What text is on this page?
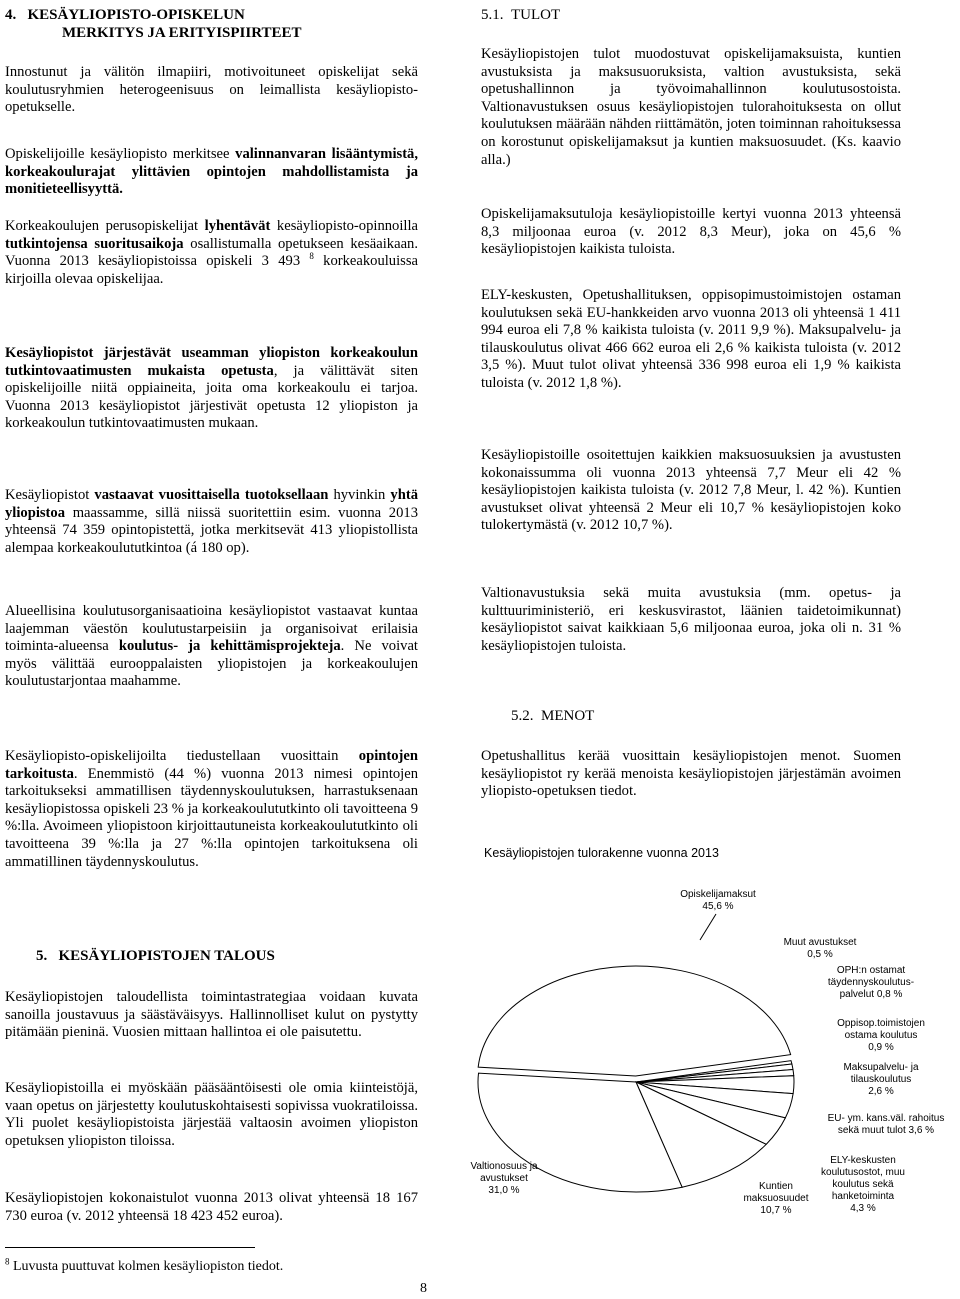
4.   KESÄYLIOPISTO-OPISKELUN
MERKITYS JA ERITYISPIIRTEET

Innostunut ja välitön ilmapiiri, motivoituneet opiskelijat sekä koulutusryhmien heterogeenisuus on leimallista kesäyliopisto-opetukselle.

Opiskelijoille kesäyliopisto merkitsee valinnanvaran lisääntymistä, korkeakoulurajat ylittävien opintojen mahdollistamista ja monitieteellisyyttä.

Korkeakoulujen perusopiskelijat lyhentävät kesäyliopisto-opinnoilla tutkintojensa suoritusaikoja osallistumalla opetukseen kesäaikaan. Vuonna 2013 kesäyliopistoissa opiskeli 3 493 $^8$ korkeakouluissa kirjoilla olevaa opiskelijaa.

Kesäyliopistot järjestävät useamman yliopiston korkeakoulun tutkintovaatimusten mukaista opetusta, ja välittävät siten opiskelijoille niitä oppiaineita, joita oma korkeakoulu ei tarjoa. Vuonna 2013 kesäyliopistot järjestivät opetusta 12 yliopiston ja korkeakoulun tutkintovaatimusten mukaan.

Kesäyliopistot vastaavat vuosittaisella tuotoksellaan hyvinkin yhtä yliopistoa maassamme, sillä niissä suoritettiin esim. vuonna 2013 yhteensä 74 359 opintopistettä, jotka merkitsevät 413 yliopistollista alempaa korkeakoulututkintoa (á 180 op).

Alueellisina koulutusorganisaatioina kesäyliopistot vastaavat kuntaa laajemman väestön koulutustarpeisiin ja organisoivat erilaisia toiminta-alueensa koulutus- ja kehittämisprojekteja. Ne voivat myös välittää eurooppalaisten yliopistojen ja korkeakoulujen koulutustarjontaa maahamme.

Kesäyliopisto-opiskelijoilta tiedustellaan vuosittain opintojen tarkoitusta. Enemmistö (44 %) vuonna 2013 nimesi opintojen tarkoitukseksi ammatillisen täydennyskoulutuksen, harrastuksenaan kesäyliopistossa opiskeli 23 % ja korkeakoulututkinto oli tavoitteena 9 %:lla. Avoimeen yliopistoon kirjoittautuneista korkeakoulututkinto oli tavoitteena 39 %:lla ja 27 %:lla opintojen tarkoituksena oli ammatillinen täydennyskoulutus.

5.   KESÄYLIOPISTOJEN TALOUS

Kesäyliopistojen taloudellista toimintastrategiaa voidaan kuvata sanoilla joustavuus ja säästäväisyys. Hallinnolliset kulut on pystytty pitämään pieninä. Vuosien mittaan hallintoa ei ole paisutettu.

Kesäyliopistoilla ei myöskään pääsääntöisesti ole omia kiinteistöjä, vaan opetus on järjestetty koulutuskohtaisesti sopivissa vuokratiloissa. Yli puolet kesäyliopistoista järjestää valtaosin avoimen yliopiston opetuksen yliopiston tiloissa.

Kesäyliopistojen kokonaistulot vuonna 2013 olivat yhteensä 18 167 730 euroa (v. 2012 yhteensä 18 423 452 euroa).

$^8$ Luvusta puuttuvat kolmen kesäyliopiston tiedot.
8
5.1.  TULOT

Kesäyliopistojen tulot muodostuvat opiskelijamaksuista, kuntien avustuksista ja maksusuoruksista, valtion avustuksista, sekä opetushallinnon ja työvoimahallinnon koulutusostoista. Valtionavustuksen osuus kesäyliopistojen tulorahoituksesta on ollut koulutuksen määrään nähden riittämätön, joten toiminnan rahoituksessa on korostunut opiskelijamaksut ja kuntien maksuosuudet. (Ks. kaavio alla.)

Opiskelijamaksutuloja kesäyliopistoille kertyi vuonna 2013 yhteensä 8,3 miljoonaa euroa (v. 2012 8,3 Meur), joka on 45,6 % kesäyliopistojen kaikista tuloista.

ELY-keskusten, Opetushallituksen, oppisopimustoimistojen ostaman koulutuksen sekä EU-hankkeiden arvo vuonna 2013 oli yhteensä 1 411 994 euroa eli 7,8 % kaikista tuloista (v. 2011 9,9 %). Maksupalvelu- ja tilauskoulutus olivat 466 662 euroa eli 2,6 % kaikista tuloista (v. 2012 3,5 %). Muut tulot olivat yhteensä 336 998 euroa eli 1,9 % kaikista tuloista (v. 2012 1,8 %).

Kesäyliopistoille osoitettujen kaikkien maksuosuuksien ja avustusten kokonaissumma oli vuonna 2013 yhteensä 7,7 Meur eli 42 % kesäyliopistojen kaikista tuloista (v. 2012 7,8 Meur, l. 42 %). Kuntien avustukset olivat yhteensä 2 Meur eli 10,7 % kesäyliopistojen koko tulokertymästä (v. 2012 10,7 %).

Valtionavustuksia sekä muita avustuksia (mm. opetus- ja kulttuuriministeriö, eri keskusvirastot, läänien taidetoimikunnat) kesäyliopistot saivat kaikkiaan 5,6 miljoonaa euroa, joka oli n. 31 % kesäyliopistojen tuloista.

5.2.  MENOT

Opetushallitus kerää vuosittain kesäyliopistojen menot. Suomen kesäyliopistot ry kerää menoista kesäyliopistojen järjestämän avoimen yliopisto-opetuksen tiedot.

Kesäyliopistojen tulorakenne vuonna 2013
Opiskelijamaksut
45,6 %
Muut avustukset
0,5 %
OPH:n ostamat
täydennyskoulutus-
palvelut 0,8 %
Oppisop.toimistojen
ostama koulutus
0,9 %
Maksupalvelu- ja
tilauskoulutus
2,6 %
EU- ym. kans.väl. rahoitus
sekä muut tulot 3,6 %
ELY-keskusten
koulutusostot, muu
koulutus sekä
hanketoiminta
4,3 %
Kuntien
maksuosuudet
10,7 %
Valtionosuus ja
avustukset
31,0 %
